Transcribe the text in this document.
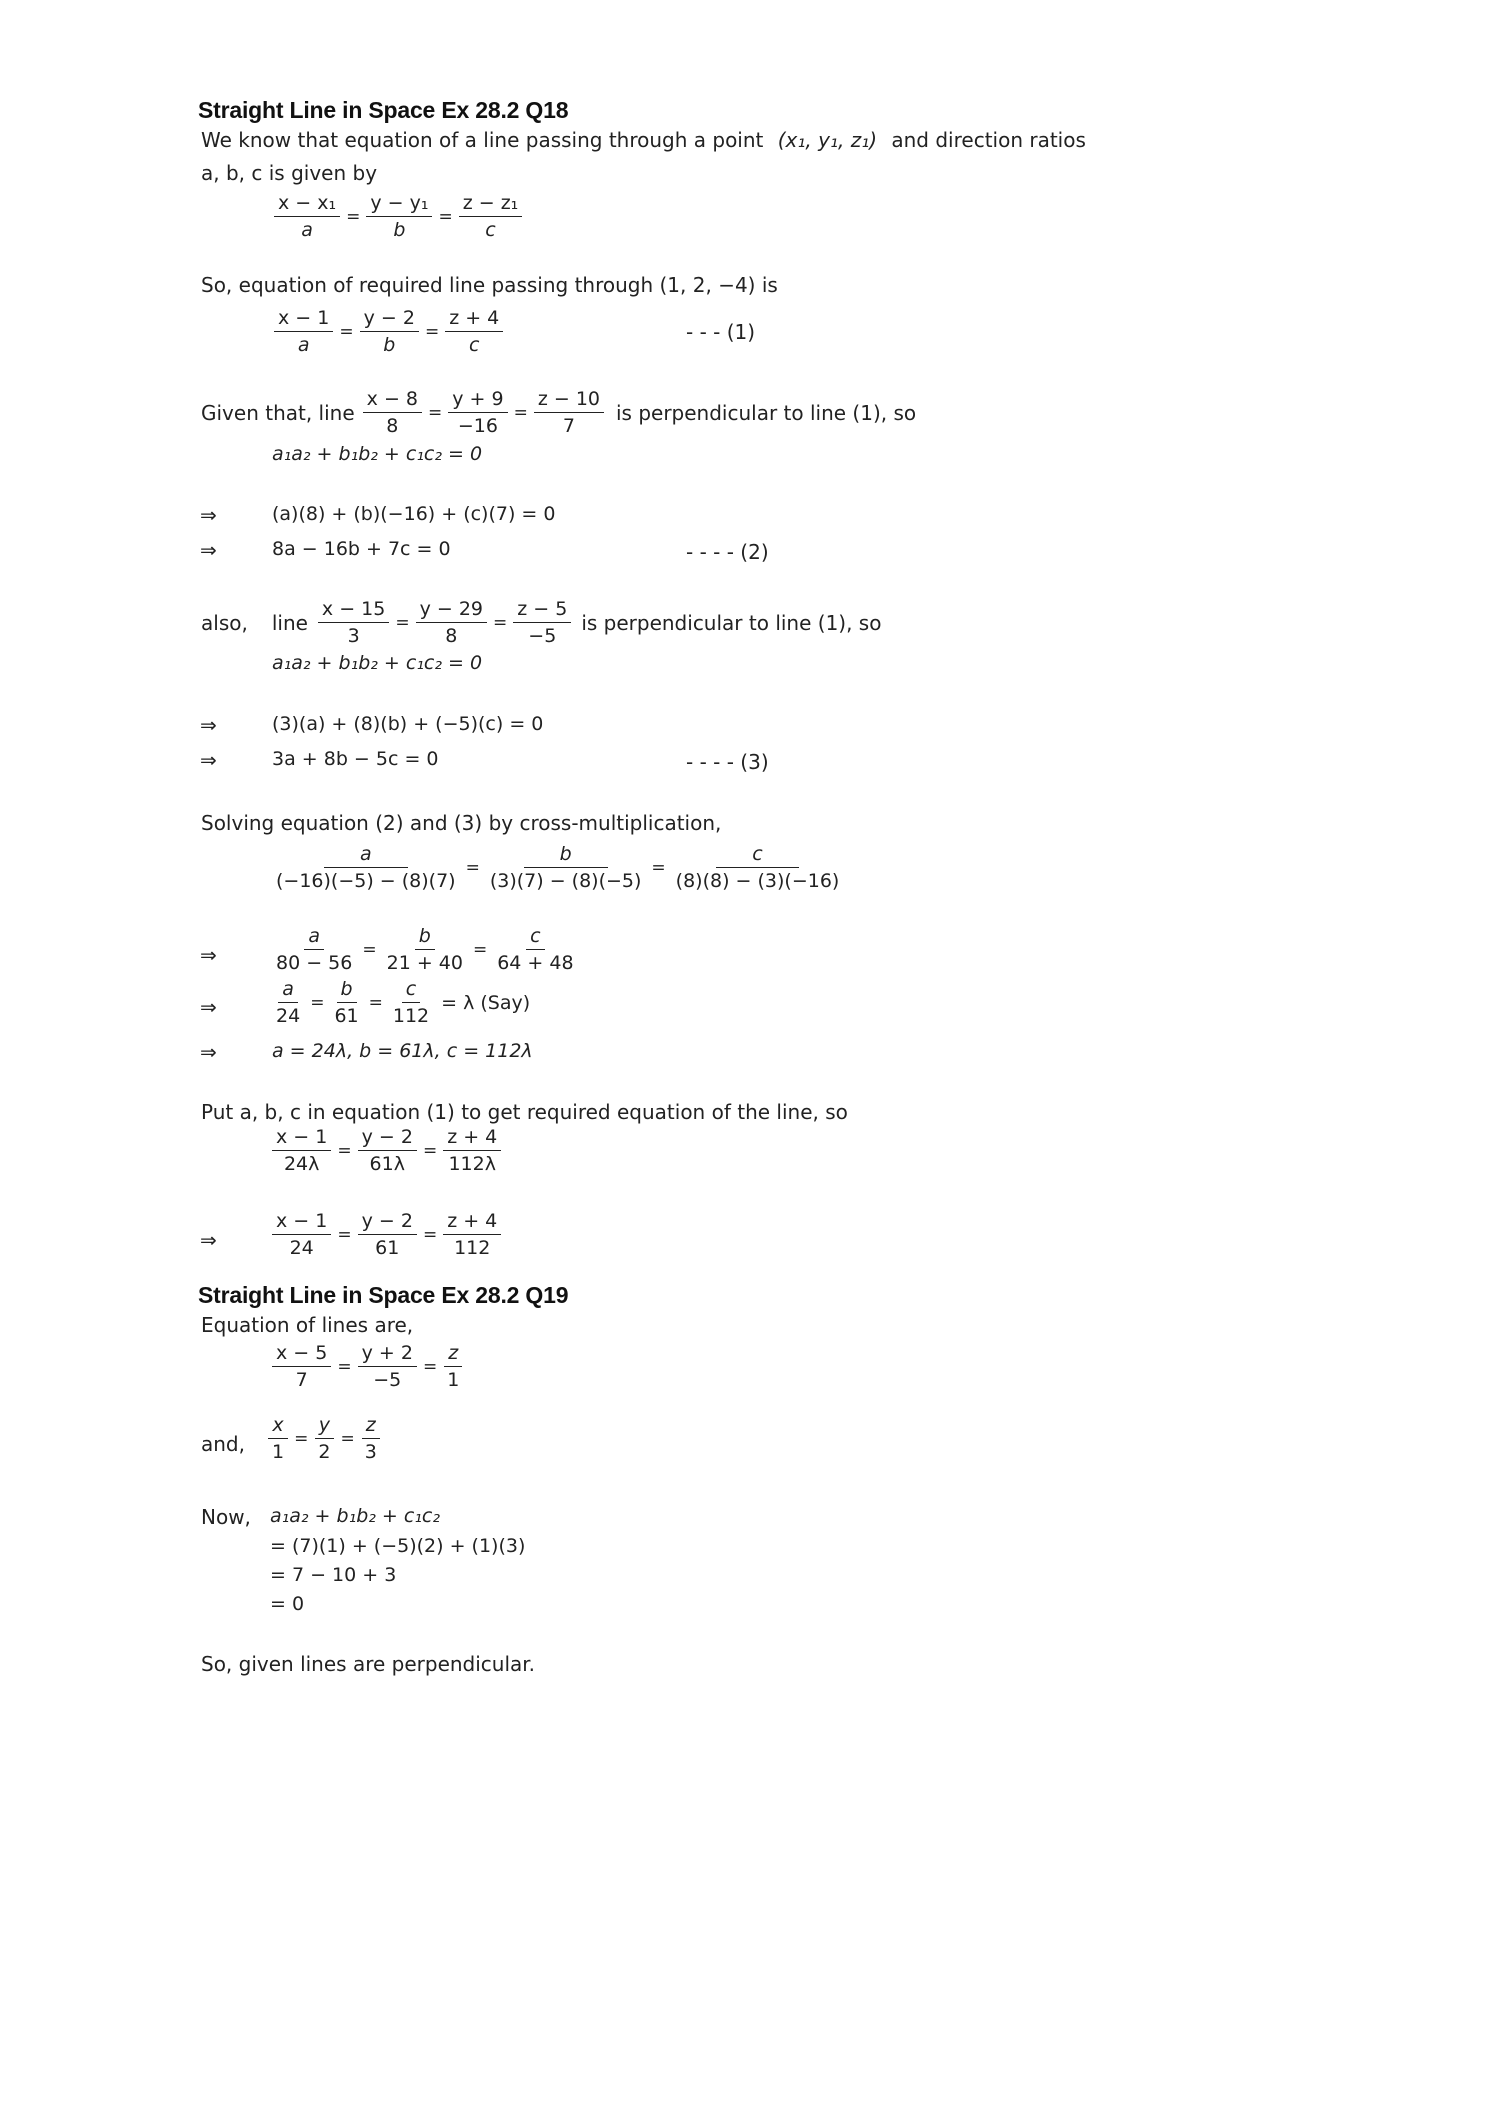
Straight Line in Space Ex 28.2 Q18
We know that equation of a line passing through a point (x₁, y₁, z₁) and direction ratios
a, b, c is given by
$\frac{\text{x − x₁}}{a} = \frac{\text{y − y₁}}{b} = \frac{\text{z − z₁}}{c}$
So, equation of required line passing through (1, 2, −4) is
$\frac{x - 1}{a} = \frac{y - 2}{b} = \frac{z + 4}{c}$	- - - (1)
Given that, line $\frac{x - 8}{8} = \frac{y + 9}{-16} = \frac{z - 10}{7}$ is perpendicular to line (1), so
a₁a₂ + b₁b₂ + c₁c₂ = 0
⇒	(a)(8) + (b)(−16) + (c)(7) = 0
⇒	8a − 16b + 7c = 0	- - - - (2)
also, line $\frac{x - 15}{3} = \frac{y - 29}{8} = \frac{z - 5}{-5}$ is perpendicular to line (1), so
a₁a₂ + b₁b₂ + c₁c₂ = 0
⇒	(3)(a) + (8)(b) + (−5)(c) = 0
⇒	3a + 8b − 5c = 0	- - - - (3)
Solving equation (2) and (3) by cross-multiplication,
$\frac{a}{(-16)(-5) - (8)(7)} = \frac{b}{(3)(7) - (8)(-5)} = \frac{c}{(8)(8) - (3)(-16)}$
⇒	$\frac{a}{80 - 56} = \frac{b}{21 + 40} = \frac{c}{64 + 48}$
⇒	$\frac{a}{24} = \frac{b}{61} = \frac{c}{112} = \lambda$ (Say)
⇒	a = 24λ, b = 61λ, c = 112λ
Put a, b, c in equation (1) to get required equation of the line, so
$\frac{x - 1}{24\lambda} = \frac{y - 2}{61\lambda} = \frac{z + 4}{112\lambda}$
⇒	$\frac{x - 1}{24} = \frac{y - 2}{61} = \frac{z + 4}{112}$
Straight Line in Space Ex 28.2 Q19
Equation of lines are,
$\frac{x - 5}{7} = \frac{y + 2}{-5} = \frac{z}{1}$
and, $\frac{x}{1} = \frac{y}{2} = \frac{z}{3}$
Now, a₁a₂ + b₁b₂ + c₁c₂
= (7)(1) + (−5)(2) + (1)(3)
= 7 − 10 + 3
= 0
So, given lines are perpendicular.
